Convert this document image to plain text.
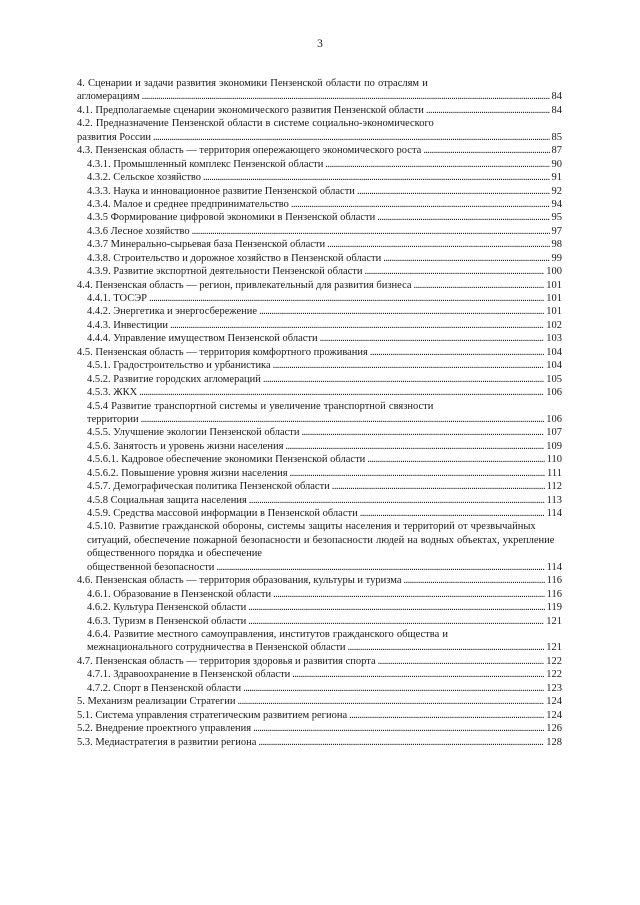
3
4. Сценарии и задачи развития экономики Пензенской области по отраслям и
агломерациям . . .	84
4.1. Предполагаемые сценарии экономического развития Пензенской области . . .	84
4.2. Предназначение Пензенской области в системе социально-экономического
развития России . . .	85
4.3. Пензенская область — территория опережающего экономического роста . . .	87
4.3.1. Промышленный комплекс Пензенской области . . .	90
4.3.2. Сельское хозяйство . . .	91
4.3.3. Наука и инновационное развитие Пензенской области . . .	92
4.3.4. Малое и среднее предпринимательство . . .	94
4.3.5 Формирование цифровой экономики в Пензенской области . . .	95
4.3.6 Лесное хозяйство . . .	97
4.3.7 Минерально-сырьевая база Пензенской области . . .	98
4.3.8. Строительство и дорожное хозяйство в Пензенской области . . .	99
4.3.9. Развитие экспортной деятельности Пензенской области . . .	100
4.4. Пензенская область — регион, привлекательный для развития бизнеса . . .	101
4.4.1. ТОСЭР . . .	101
4.4.2. Энергетика и энергосбережение . . .	101
4.4.3. Инвестиции . . .	102
4.4.4. Управление имуществом Пензенской области . . .	103
4.5. Пензенская область — территория комфортного проживания . . .	104
4.5.1. Градостроительство и урбанистика . . .	104
4.5.2. Развитие городских агломераций . . .	105
4.5.3. ЖКХ . . .	106
4.5.4 Развитие транспортной системы и увеличение транспортной связности
территории . . .	106
4.5.5. Улучшение экологии Пензенской области . . .	107
4.5.6. Занятость и уровень жизни населения . . .	109
4.5.6.1. Кадровое обеспечение экономики Пензенской области . . .	110
4.5.6.2. Повышение уровня жизни населения . . .	111
4.5.7. Демографическая политика Пензенской области . . .	112
4.5.8 Социальная защита населения . . .	113
4.5.9. Средства массовой информации в Пензенской области . . .	114
4.5.10. Развитие гражданской обороны, системы защиты населения и территорий от чрезвычайных ситуаций, обеспечение пожарной безопасности и безопасности людей на водных объектах, укрепление общественного порядка и обеспечение
общественной безопасности . . .	114
4.6. Пензенская область — территория образования, культуры и туризма . . .	116
4.6.1. Образование в Пензенской области . . .	116
4.6.2. Культура Пензенской области . . .	119
4.6.3. Туризм в Пензенской области . . .	121
4.6.4. Развитие местного самоуправления, институтов гражданского общества и
межнационального сотрудничества в Пензенской области . . .	121
4.7. Пензенская область — территория здоровья и развития спорта . . .	122
4.7.1. Здравоохранение в Пензенской области . . .	122
4.7.2. Спорт в Пензенской области . . .	123
5. Механизм реализации Стратегии . . .	124
5.1. Система управления стратегическим развитием региона . . .	124
5.2. Внедрение проектного управления . . .	126
5.3. Медиастратегия в развитии региона . . .	128
